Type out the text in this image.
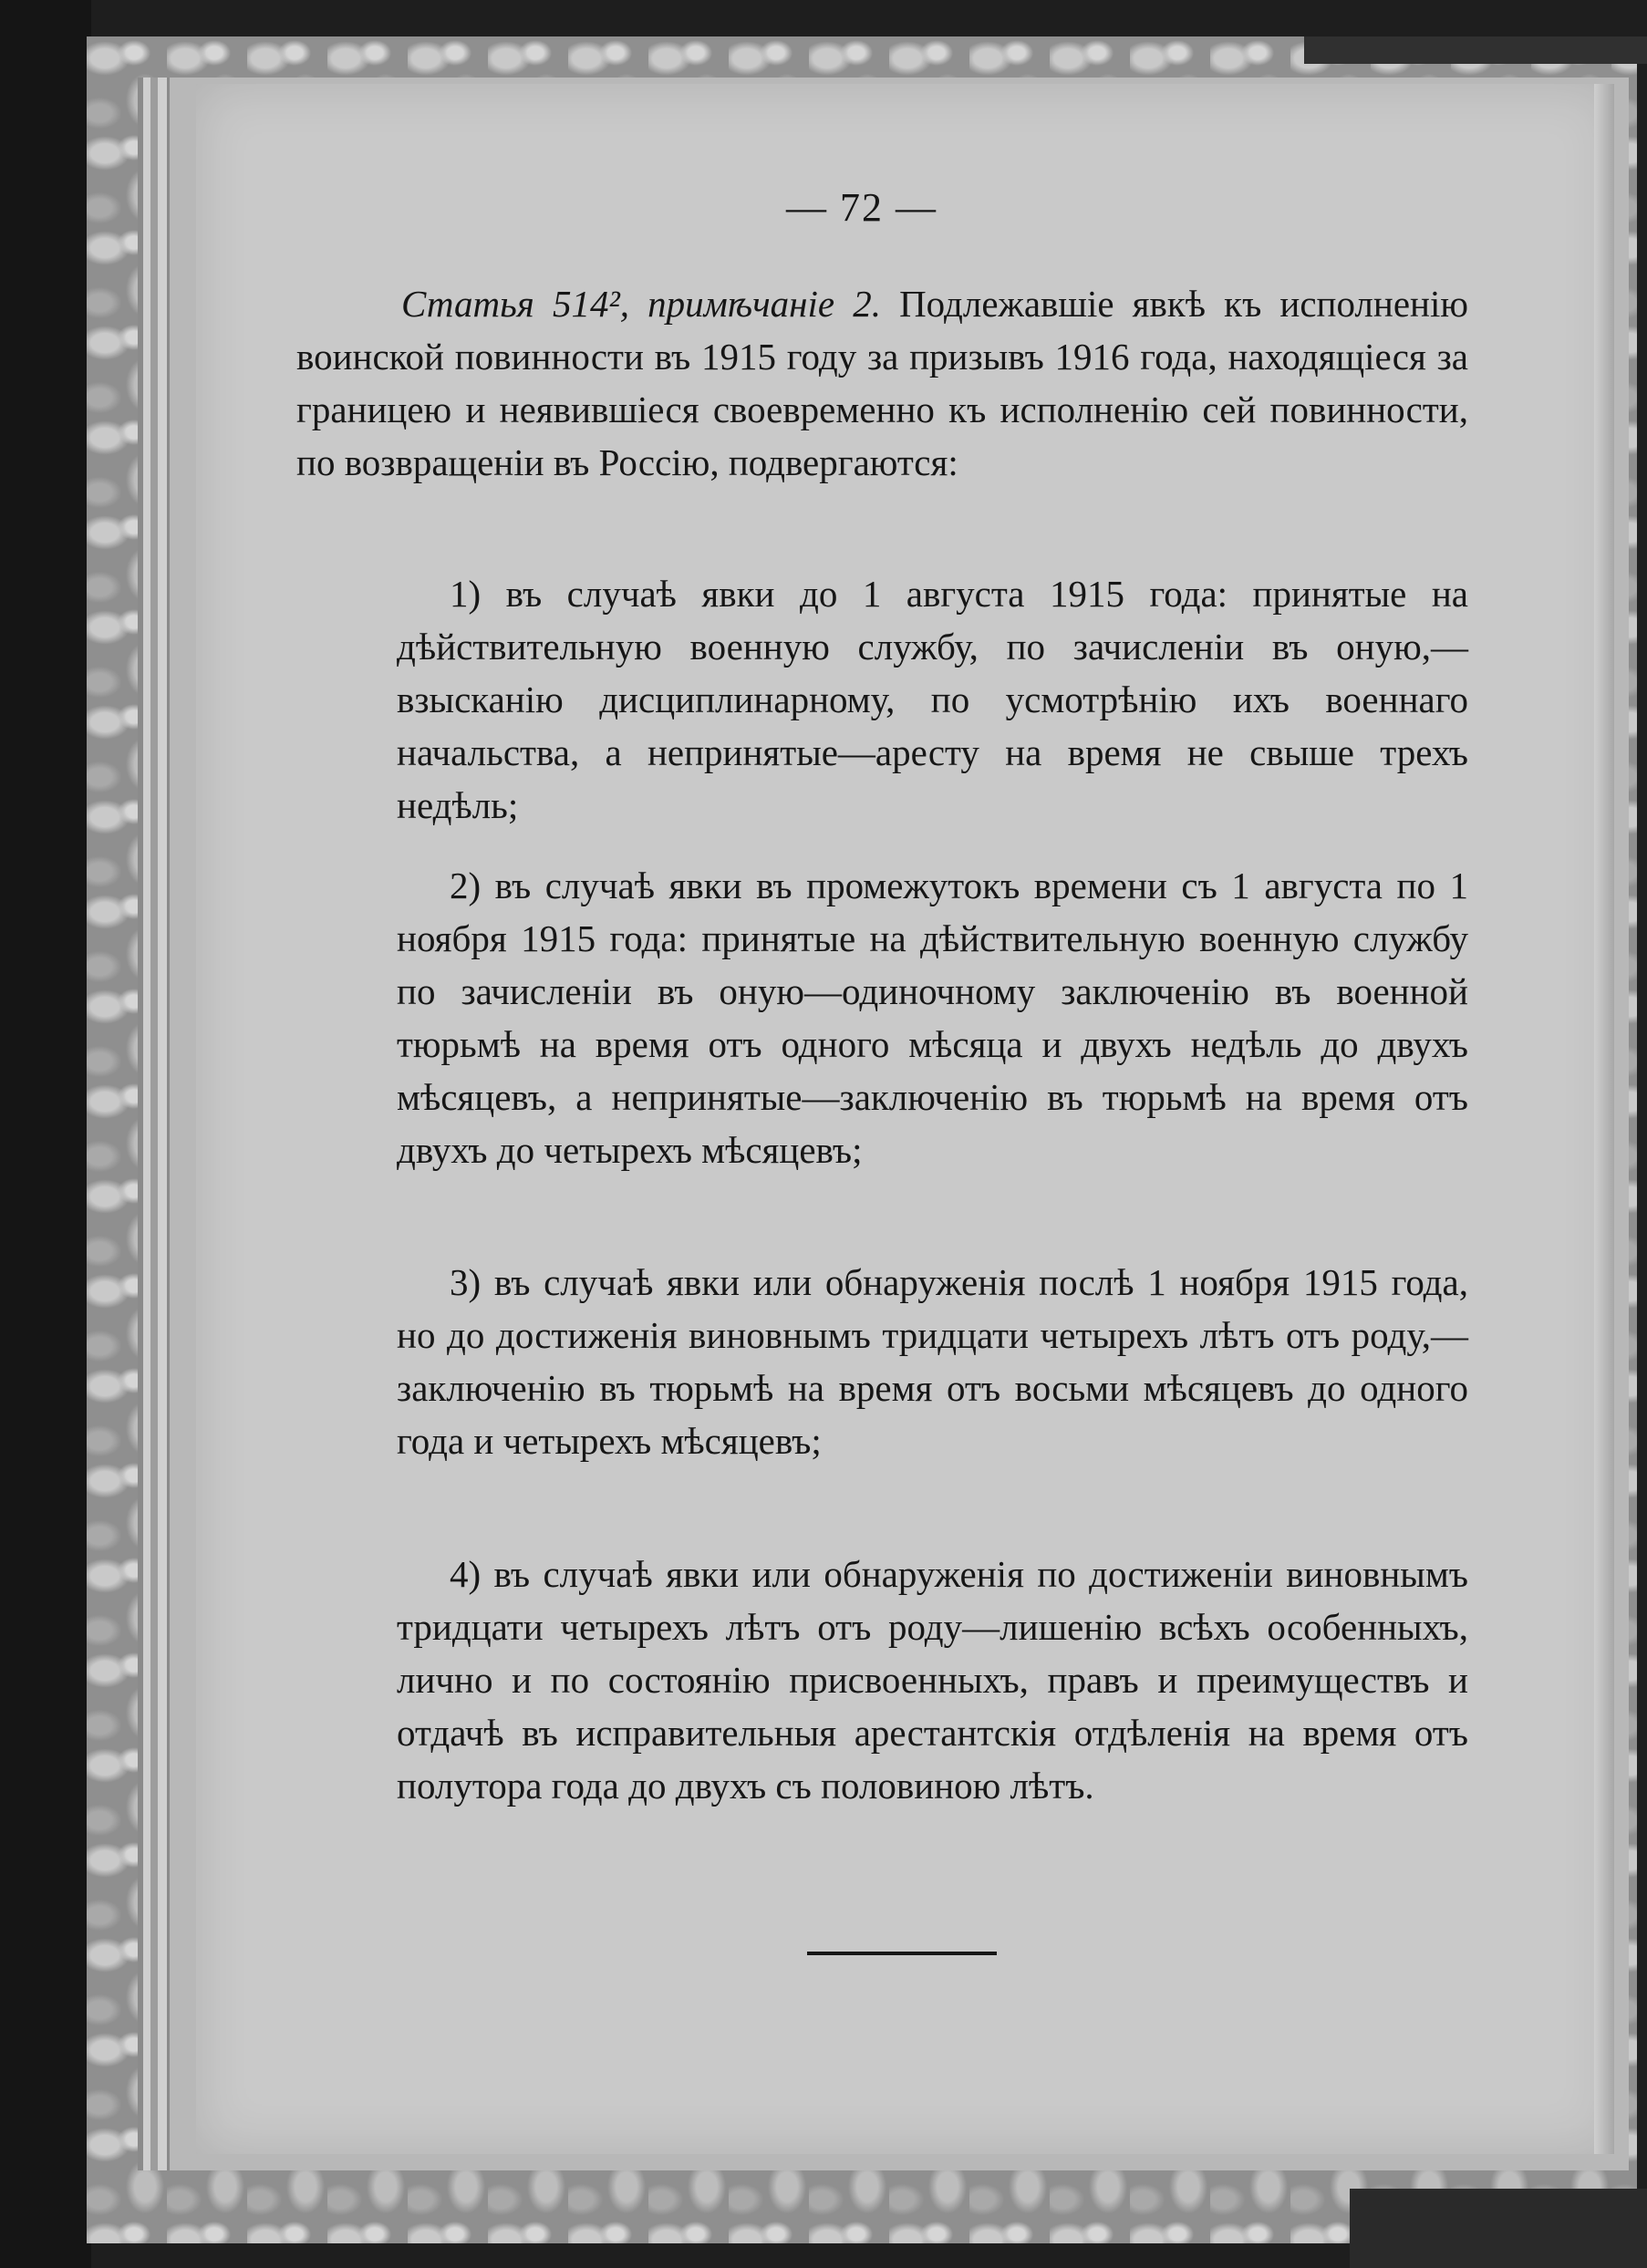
— 72 —

Статья 514², примѣчаніе 2. Подлежавшіе явкѣ къ исполненію воинской повинности въ 1915 году за призывъ 1916 года, находящіеся за границею и неявившіеся своевременно къ исполненію сей повинности, по возвращеніи въ Россію, подвергаются:

1) въ случаѣ явки до 1 августа 1915 года: принятые на дѣйствительную военную службу, по зачисленіи въ оную,—взысканію дисциплинарному, по усмотрѣнію ихъ военнаго начальства, а непринятые—аресту на время не свыше трехъ недѣль;

2) въ случаѣ явки въ промежутокъ времени съ 1 августа по 1 ноября 1915 года: принятые на дѣйствительную военную службу по зачисленіи въ оную—одиночному заключенію въ военной тюрьмѣ на время отъ одного мѣсяца и двухъ недѣль до двухъ мѣсяцевъ, а непринятые—заключенію въ тюрьмѣ на время отъ двухъ до четырехъ мѣсяцевъ;

3) въ случаѣ явки или обнаруженія послѣ 1 ноября 1915 года, но до достиженія виновнымъ тридцати четырехъ лѣтъ отъ роду,—заключенію въ тюрьмѣ на время отъ восьми мѣсяцевъ до одного года и четырехъ мѣсяцевъ;

4) въ случаѣ явки или обнаруженія по достиженіи виновнымъ тридцати четырехъ лѣтъ отъ роду—лишенію всѣхъ особенныхъ, лично и по состоянію присвоенныхъ, правъ и преимуществъ и отдачѣ въ исправительныя арестантскія отдѣленія на время отъ полутора года до двухъ съ половиною лѣтъ.
